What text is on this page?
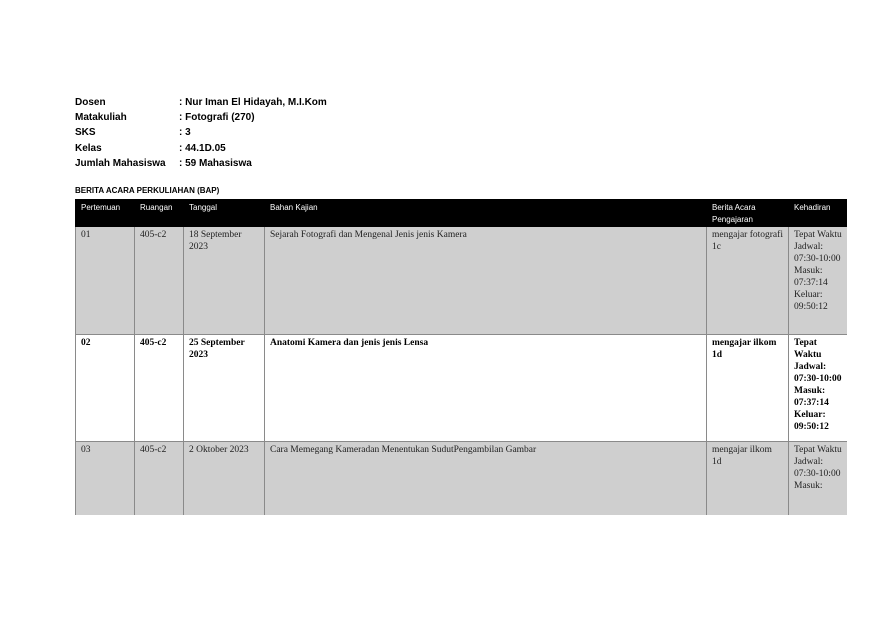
Dosen	: Nur Iman El Hidayah, M.I.Kom
Matakuliah	: Fotografi (270)
SKS	: 3
Kelas	: 44.1D.05
Jumlah Mahasiswa	: 59 Mahasiswa
BERITA ACARA PERKULIAHAN (BAP)
Pertemuan	Ruangan	Tanggal	Bahan Kajian	Berita Acara Pengajaran	Kehadiran
01	405-c2	18 September 2023	Sejarah Fotografi dan Mengenal Jenis jenis Kamera	mengajar fotografi 1c	Tepat Waktu Jadwal: 07:30-10:00 Masuk: 07:37:14 Keluar: 09:50:12
02	405-c2	25 September 2023	Anatomi Kamera dan jenis jenis Lensa	mengajar ilkom 1d	Tepat Waktu Jadwal: 07:30-10:00 Masuk: 07:37:14 Keluar: 09:50:12
03	405-c2	2 Oktober 2023	Cara Memegang Kameradan Menentukan SudutPengambilan Gambar	mengajar ilkom 1d	Tepat Waktu Jadwal: 07:30-10:00 Masuk:
